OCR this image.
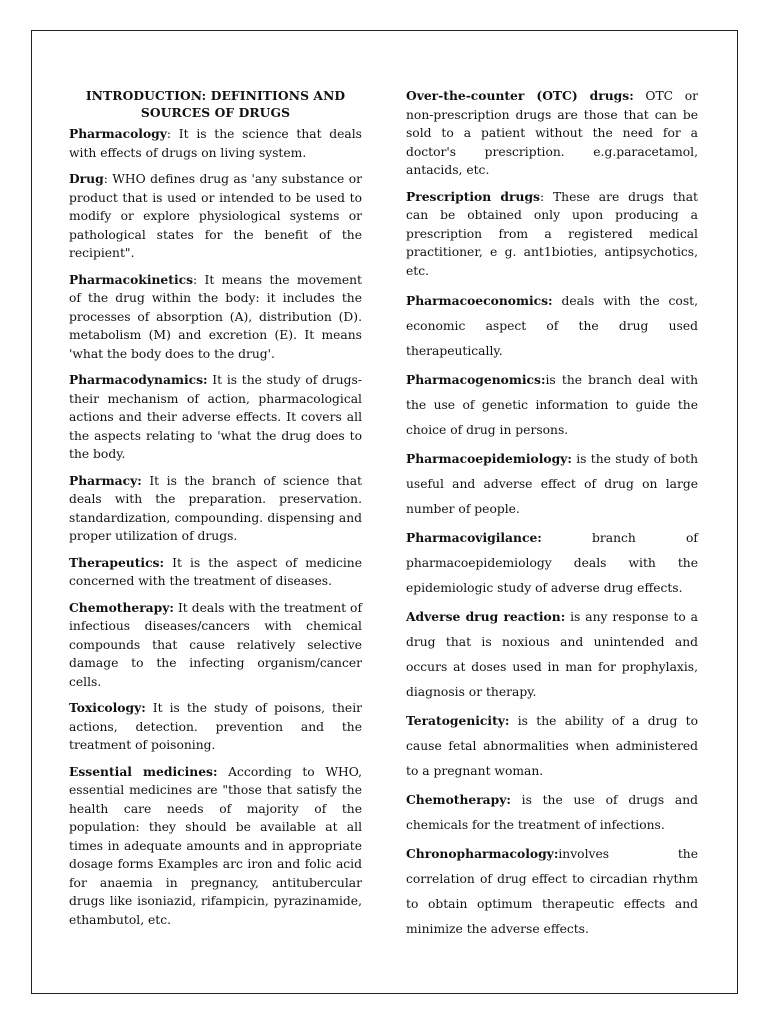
INTRODUCTION: DEFINITIONS AND SOURCES OF DRUGS

Pharmacology: It is the science that deals with effects of drugs on living system.

Drug: WHO defines drug as 'any substance or product that is used or intended to be used to modify or explore physiological systems or pathological states for the benefit of the recipient".

Pharmacokinetics: It means the movement of the drug within the body: it includes the processes of absorption (A), distribution (D). metabolism (M) and excretion (E). It means 'what the body does to the drug'.

Pharmacodynamics: It is the study of drugs-their mechanism of action, pharmacological actions and their adverse effects. It covers all the aspects relating to 'what the drug does to the body.

Pharmacy: It is the branch of science that deals with the preparation. preservation. standardization, compounding. dispensing and proper utilization of drugs.

Therapeutics: It is the aspect of medicine concerned with the treatment of diseases.

Chemotherapy: It deals with the treatment of infectious diseases/cancers with chemical compounds that cause relatively selective damage to the infecting organism/cancer cells.

Toxicology: It is the study of poisons, their actions, detection. prevention and the treatment of poisoning.

Essential medicines: According to WHO, essential medicines are "those that satisfy the health care needs of majority of the population: they should be available at all times in adequate amounts and in appropriate dosage forms Examples arc iron and folic acid for anaemia in pregnancy, antitubercular drugs like isoniazid, rifampicin, pyrazinamide, ethambutol, etc.

Over-the-counter (OTC) drugs: OTC or non-prescription drugs are those that can be sold to a patient without the need for a doctor's prescription. e.g.paracetamol, antacids, etc.

Prescription drugs: These are drugs that can be obtained only upon producing a prescription from a registered medical practitioner, e g. ant1bioties, antipsychotics, etc.

Pharmacoeconomics: deals with the cost, economic aspect of the drug used therapeutically.

Pharmacogenomics:is the branch deal with the use of genetic information to guide the choice of drug in persons.

Pharmacoepidemiology: is the study of both useful and adverse effect of drug on large number of people.

Pharmacovigilance: branch of pharmacoepidemiology deals with the epidemiologic study of adverse drug effects.

Adverse drug reaction: is any response to a drug that is noxious and unintended and occurs at doses used in man for prophylaxis, diagnosis or therapy.

Teratogenicity: is the ability of a drug to cause fetal abnormalities when administered to a pregnant woman.

Chemotherapy: is the use of drugs and chemicals for the treatment of infections.

Chronopharmacology:involves the correlation of drug effect to circadian rhythm to obtain optimum therapeutic effects and minimize the adverse effects.
